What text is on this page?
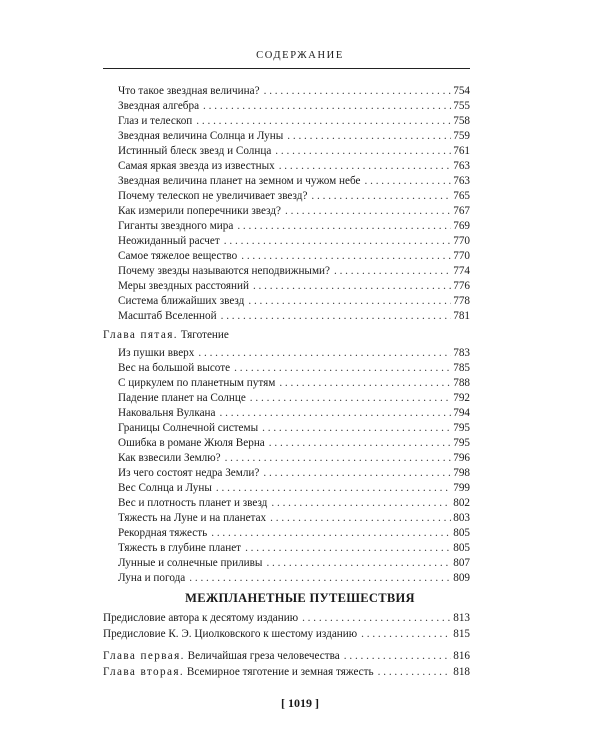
СОДЕРЖАНИЕ
Что такое звездная величина? . . .	754
Звездная алгебра . . .	755
Глаз и телескоп . . .	758
Звездная величина Солнца и Луны . . .	759
Истинный блеск звезд и Солнца . . .	761
Самая яркая звезда из известных . . .	763
Звездная величина планет на земном и чужом небе . . .	763
Почему телескоп не увеличивает звезд? . . .	765
Как измерили поперечники звезд? . . .	767
Гиганты звездного мира . . .	769
Неожиданный расчет . . .	770
Самое тяжелое вещество . . .	770
Почему звезды называются неподвижными? . . .	774
Меры звездных расстояний . . .	776
Система ближайших звезд . . .	778
Масштаб Вселенной . . .	781
Глава пятая. Тяготение
Из пушки вверх . . .	783
Вес на большой высоте . . .	785
С циркулем по планетным путям . . .	788
Падение планет на Солнце . . .	792
Наковальня Вулкана . . .	794
Границы Солнечной системы . . .	795
Ошибка в романе Жюля Верна . . .	795
Как взвесили Землю? . . .	796
Из чего состоят недра Земли? . . .	798
Вес Солнца и Луны . . .	799
Вес и плотность планет и звезд . . .	802
Тяжесть на Луне и на планетах . . .	803
Рекордная тяжесть . . .	805
Тяжесть в глубине планет . . .	805
Лунные и солнечные приливы . . .	807
Луна и погода . . .	809
МЕЖПЛАНЕТНЫЕ ПУТЕШЕСТВИЯ
Предисловие автора к десятому изданию . . .	813
Предисловие К. Э. Циолковского к шестому изданию . . .	815
Глава первая. Величайшая греза человечества . . .	816
Глава вторая. Всемирное тяготение и земная тяжесть . . .	818
[ 1019 ]
